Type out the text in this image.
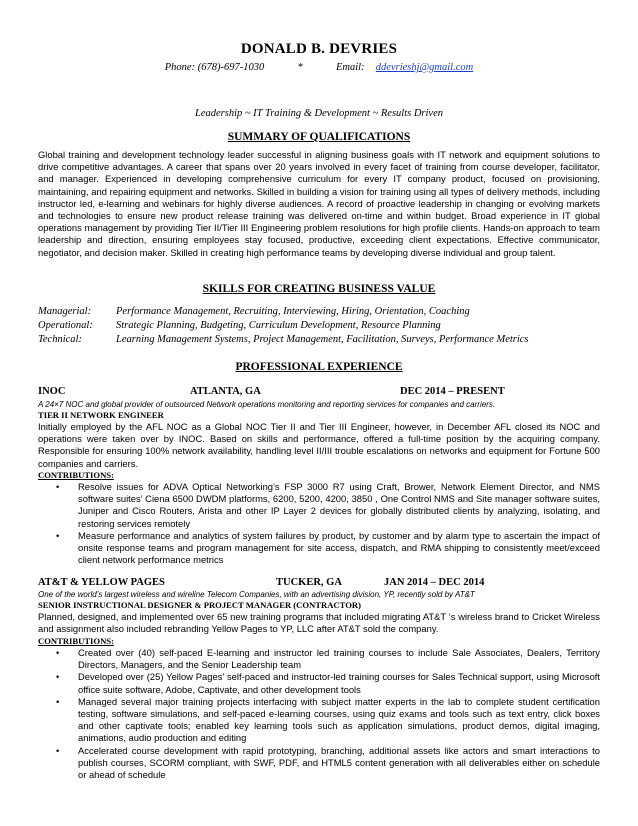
DONALD B. DEVRIES
Phone: (678)-697-1030	*	Email: ddevrieshj@gmail.com
Leadership ~ IT Training & Development ~ Results Driven
SUMMARY OF QUALIFICATIONS
Global training and development technology leader successful in aligning business goals with IT network and equipment solutions to drive competitive advantages. A career that spans over 20 years involved in every facet of training from course developer, facilitator, and manager. Experienced in developing comprehensive curriculum for every IT company product, focused on provisioning, maintaining, and repairing equipment and networks. Skilled in building a vision for training using all types of delivery methods, including instructor led, e-learning and webinars for highly diverse audiences. A record of proactive leadership in changing or evolving markets and technologies to ensure new product release training was delivered on-time and within budget. Broad experience in IT global operations management by providing Tier II/Tier III Engineering problem resolutions for high profile clients. Hands-on approach to team leadership and direction, ensuring employees stay focused, productive, exceeding client expectations. Effective communicator, negotiator, and decision maker. Skilled in creating high performance teams by developing diverse individual and group talent.
SKILLS FOR CREATING BUSINESS VALUE
Managerial:	Performance Management, Recruiting, Interviewing, Hiring, Orientation, Coaching
Operational:	Strategic Planning, Budgeting, Curriculum Development, Resource Planning
Technical:	Learning Management Systems, Project Management, Facilitation, Surveys, Performance Metrics
PROFESSIONAL EXPERIENCE
INOC	ATLANTA, GA	DEC 2014 – PRESENT
A 24×7 NOC and global provider of outsourced Network operations monitoring and reporting services for companies and carriers.
TIER II NETWORK ENGINEER
Initially employed by the AFL NOC as a Global NOC Tier II and Tier III Engineer, however, in December AFL closed its NOC and operations were taken over by INOC. Based on skills and performance, offered a full-time position by the acquiring company. Responsible for ensuring 100% network availability, handling level II/III trouble escalations on networks and equipment for Fortune 500 companies and carriers.
CONTRIBUTIONS:
• Resolve issues for ADVA Optical Networking’s FSP 3000 R7 using Craft, Brower, Network Element Director, and NMS software suites’ Ciena 6500 DWDM platforms, 6200, 5200, 4200, 3850 , One Control NMS and Site manager software suites, Juniper and Cisco Routers, Arista and other IP Layer 2 devices for globally distributed clients by analyzing, isolating, and restoring services remotely
• Measure performance and analytics of system failures by product, by customer and by alarm type to ascertain the impact of onsite response teams and program management for site access, dispatch, and RMA shipping to consistently meet/exceed client network performance metrics
AT&T & YELLOW PAGES	TUCKER, GA	JAN 2014 – DEC 2014
One of the world’s largest wireless and wireline Telecom Companies, with an advertising division, YP, recently sold by AT&T
SENIOR INSTRUCTIONAL DESIGNER & PROJECT MANAGER (CONTRACTOR)
Planned, designed, and implemented over 65 new training programs that included migrating AT&T ‘s wireless brand to Cricket Wireless and assignment also included rebranding Yellow Pages to YP, LLC after AT&T sold the company.
CONTRIBUTIONS:
• Created over (40) self-paced E-learning and instructor led training courses to include Sale Associates, Dealers, Territory Directors, Managers, and the Senior Leadership team
• Developed over (25) Yellow Pages’ self-paced and instructor-led training courses for Sales Technical support, using Microsoft office suite software, Adobe, Captivate, and other development tools
• Managed several major training projects interfacing with subject matter experts in the lab to complete student certification testing, software simulations, and self-paced e-learning courses, using quiz exams and tools such as text entry, click boxes and other captivate tools; enabled key learning tools such as application simulations, product demos, digital imaging, animations, audio production and editing
• Accelerated course development with rapid prototyping, branching, additional assets like actors and smart interactions to publish courses, SCORM compliant, with SWF, PDF, and HTML5 content generation with all deliverables either on schedule or ahead of schedule
